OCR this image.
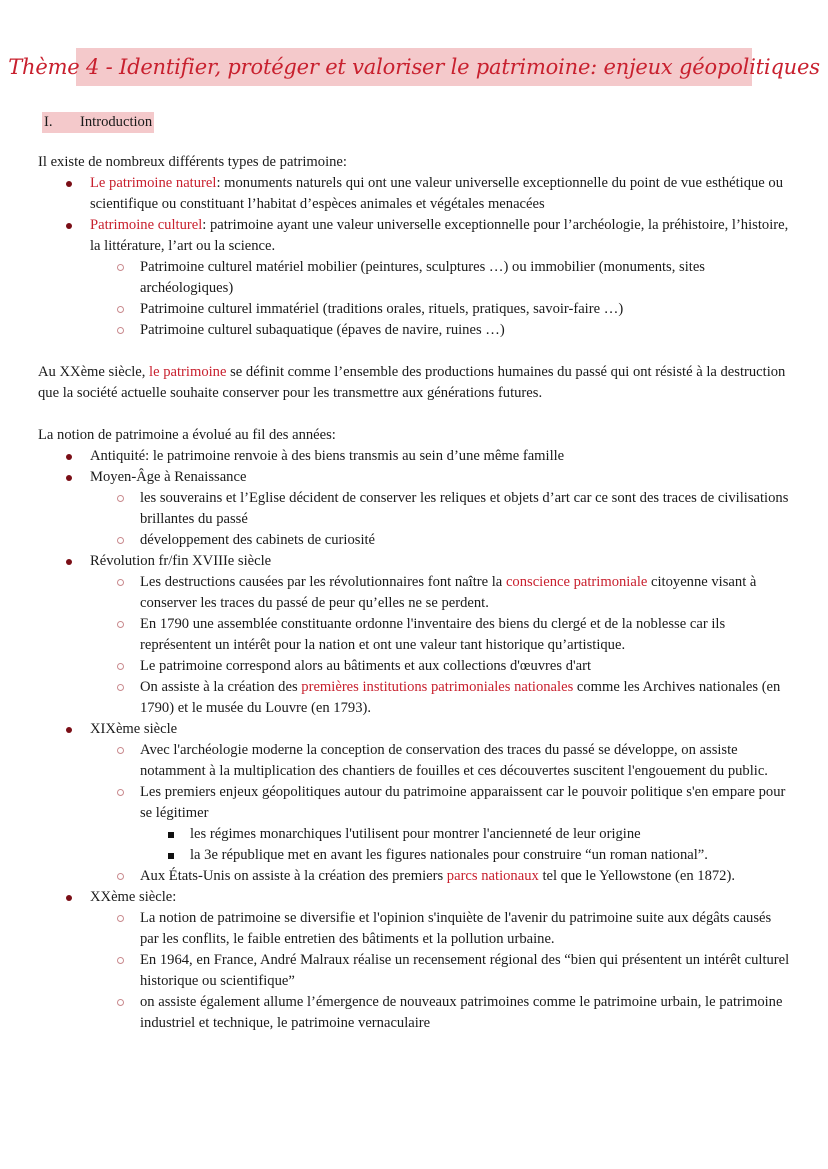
Thème 4 - Identifier, protéger et valoriser le patrimoine: enjeux géopolitiques
I.	Introduction

Il existe de nombreux différents types de patrimoine:

Le patrimoine naturel: monuments naturels qui ont une valeur universelle exceptionnelle du point de vue esthétique ou scientifique ou constituant l’habitat d’espèces animales et végétales menacées
Patrimoine culturel: patrimoine ayant une valeur universelle exceptionnelle pour l’archéologie, la préhistoire, l’histoire, la littérature, l’art ou la science.
Patrimoine culturel matériel mobilier (peintures, sculptures …) ou immobilier (monuments, sites archéologiques)
Patrimoine culturel immatériel (traditions orales, rituels, pratiques, savoir-faire …)
Patrimoine culturel subaquatique (épaves de navire, ruines …)

Au XXème siècle, le patrimoine se définit comme l’ensemble des productions humaines du passé qui ont résisté à la destruction que la société actuelle souhaite conserver pour les transmettre aux générations futures.

La notion de patrimoine a évolué au fil des années:

Antiquité: le patrimoine renvoie à des biens transmis au sein d’une même famille
Moyen-Âge à Renaissance
les souverains et l’Eglise décident de conserver les reliques et objets d’art car ce sont des traces de civilisations brillantes du passé
développement des cabinets de curiosité
Révolution fr/fin XVIIIe siècle
Les destructions causées par les révolutionnaires font naître la conscience patrimoniale citoyenne visant à conserver les traces du passé de peur qu’elles ne se perdent.
En 1790 une assemblée constituante ordonne l'inventaire des biens du clergé et de la noblesse car ils représentent un intérêt pour la nation et ont une valeur tant historique qu’artistique.
Le patrimoine correspond alors au bâtiments et aux collections d'œuvres d'art
On assiste à la création des premières institutions patrimoniales nationales comme les Archives nationales (en 1790) et le musée du Louvre (en 1793).
XIXème siècle
Avec l'archéologie moderne la conception de conservation des traces du passé se développe, on assiste notamment à la multiplication des chantiers de fouilles et ces découvertes suscitent l'engouement du public.
Les premiers enjeux géopolitiques autour du patrimoine apparaissent car le pouvoir politique s'en empare pour se légitimer
les régimes monarchiques l'utilisent pour montrer l'ancienneté de leur origine
la 3e république met en avant les figures nationales pour construire “un roman national”.
Aux États-Unis on assiste à la création des premiers parcs nationaux tel que le Yellowstone (en 1872).
XXème siècle:
La notion de patrimoine se diversifie et l'opinion s'inquiète de l'avenir du patrimoine suite aux dégâts causés par les conflits, le faible entretien des bâtiments et la pollution urbaine.
En 1964, en France, André Malraux réalise un recensement régional des “bien qui présentent un intérêt culturel historique ou scientifique”
on assiste également allume l’émergence de nouveaux patrimoines comme le patrimoine urbain, le patrimoine industriel et technique, le patrimoine vernaculaire
